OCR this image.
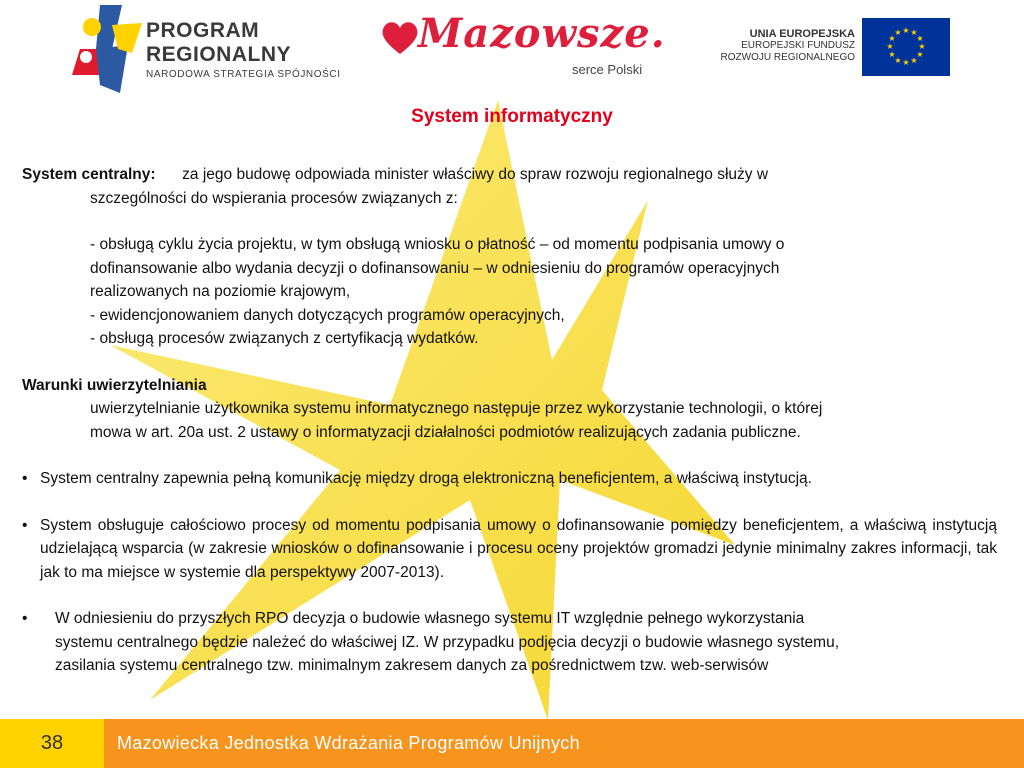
PROGRAM
REGIONALNY
NARODOWA STRATEGIA SPÓJNOŚCI
Mazowsze.
serce Polski
UNIA EUROPEJSKA
EUROPEJSKI FUNDUSZ
ROZWOJU REGIONALNEGO
★ ★
★
★
★
★
★
★
★
★
★
★
System informatyczny

System centralny: za jego budowę odpowiada minister właściwy do spraw rozwoju regionalnego służy w

szczególności do wspierania procesów związanych z:

- obsługą cyklu życia projektu, w tym obsługą wniosku o płatność – od momentu podpisania umowy o

dofinansowanie albo wydania decyzji o dofinansowaniu – w odniesieniu do programów operacyjnych

realizowanych na poziomie krajowym,

- ewidencjonowaniem danych dotyczących programów operacyjnych,

- obsługą procesów związanych z certyfikacją wydatków.

Warunki uwierzytelniania

uwierzytelnianie użytkownika systemu informatycznego następuje przez wykorzystanie technologii, o której

mowa w art. 20a ust. 2 ustawy o informatyzacji działalności podmiotów realizujących zadania publiczne.

• System centralny zapewnia pełną komunikację między drogą elektroniczną beneficjentem, a właściwą instytucją.
• System obsługuje całościowo procesy od momentu podpisania umowy o dofinansowanie pomiędzy beneficjentem, a właściwą instytucją udzielającą wsparcia (w zakresie wniosków o dofinansowanie i procesu oceny projektów gromadzi jedynie minimalny zakres informacji, tak jak to ma miejsce w systemie dla perspektywy 2007-2013).
•	W odniesieniu do przyszłych RPO decyzja o budowie własnego systemu IT względnie pełnego wykorzystania
systemu centralnego będzie należeć do właściwej IZ. W przypadku podjęcia decyzji o budowie własnego systemu,
zasilania systemu centralnego tzw. minimalnym zakresem danych za pośrednictwem tzw. web-serwisów
38	Mazowiecka Jednostka Wdrażania Programów Unijnych
